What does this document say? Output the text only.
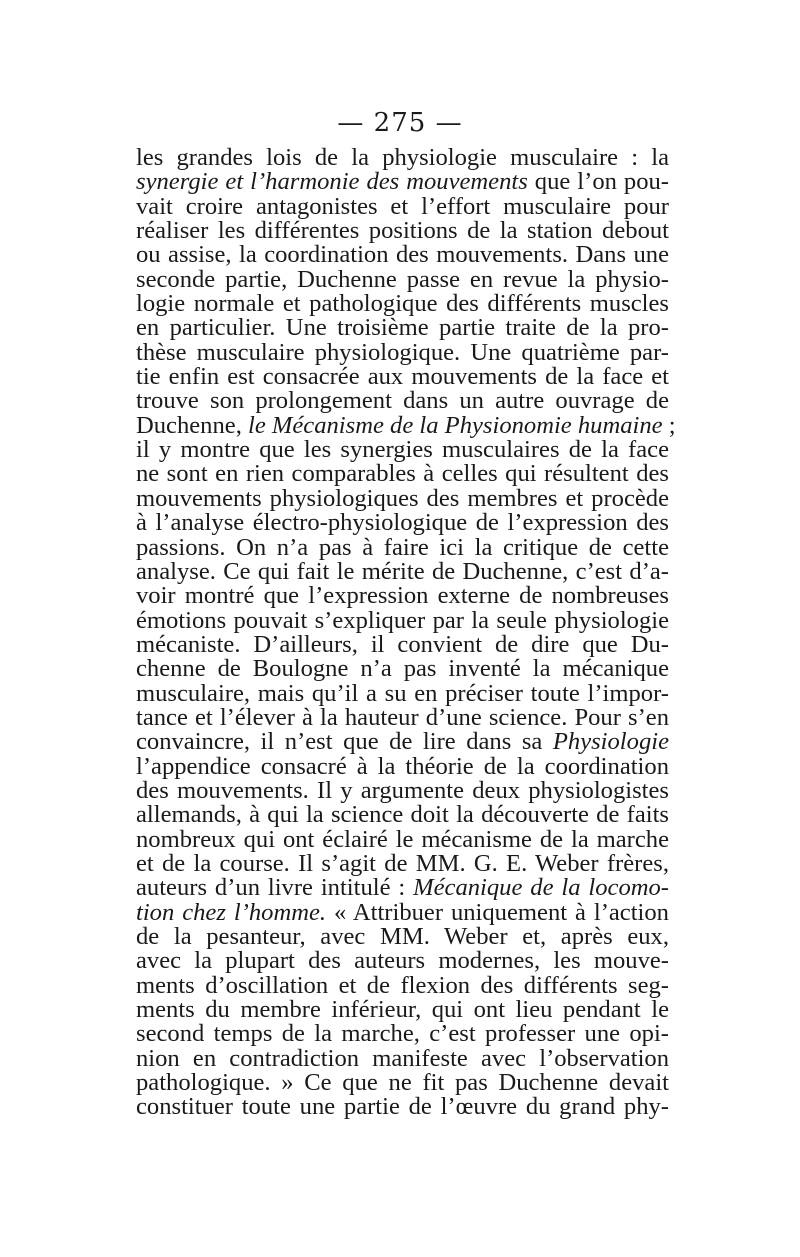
— 275 —
les grandes lois de la physiologie musculaire : la
synergie et l’harmonie des mouvements que l’on pou-
vait croire antagonistes et l’effort musculaire pour
réaliser les différentes positions de la station debout
ou assise, la coordination des mouvements. Dans une
seconde partie, Duchenne passe en revue la physio-
logie normale et pathologique des différents muscles
en particulier. Une troisième partie traite de la pro-
thèse musculaire physiologique. Une quatrième par-
tie enfin est consacrée aux mouvements de la face et
trouve son prolongement dans un autre ouvrage de
Duchenne, le Mécanisme de la Physionomie humaine ;
il y montre que les synergies musculaires de la face
ne sont en rien comparables à celles qui résultent des
mouvements physiologiques des membres et procède
à l’analyse électro-physiologique de l’expression des
passions. On n’a pas à faire ici la critique de cette
analyse. Ce qui fait le mérite de Duchenne, c’est d’a-
voir montré que l’expression externe de nombreuses
émotions pouvait s’expliquer par la seule physiologie
mécaniste. D’ailleurs, il convient de dire que Du-
chenne de Boulogne n’a pas inventé la mécanique
musculaire, mais qu’il a su en préciser toute l’impor-
tance et l’élever à la hauteur d’une science. Pour s’en
convaincre, il n’est que de lire dans sa Physiologie
l’appendice consacré à la théorie de la coordination
des mouvements. Il y argumente deux physiologistes
allemands, à qui la science doit la découverte de faits
nombreux qui ont éclairé le mécanisme de la marche
et de la course. Il s’agit de MM. G. E. Weber frères,
auteurs d’un livre intitulé : Mécanique de la locomo-
tion chez l’homme. « Attribuer uniquement à l’action
de la pesanteur, avec MM. Weber et, après eux,
avec la plupart des auteurs modernes, les mouve-
ments d’oscillation et de flexion des différents seg-
ments du membre inférieur, qui ont lieu pendant le
second temps de la marche, c’est professer une opi-
nion en contradiction manifeste avec l’observation
pathologique. » Ce que ne fit pas Duchenne devait
constituer toute une partie de l’œuvre du grand phy-
